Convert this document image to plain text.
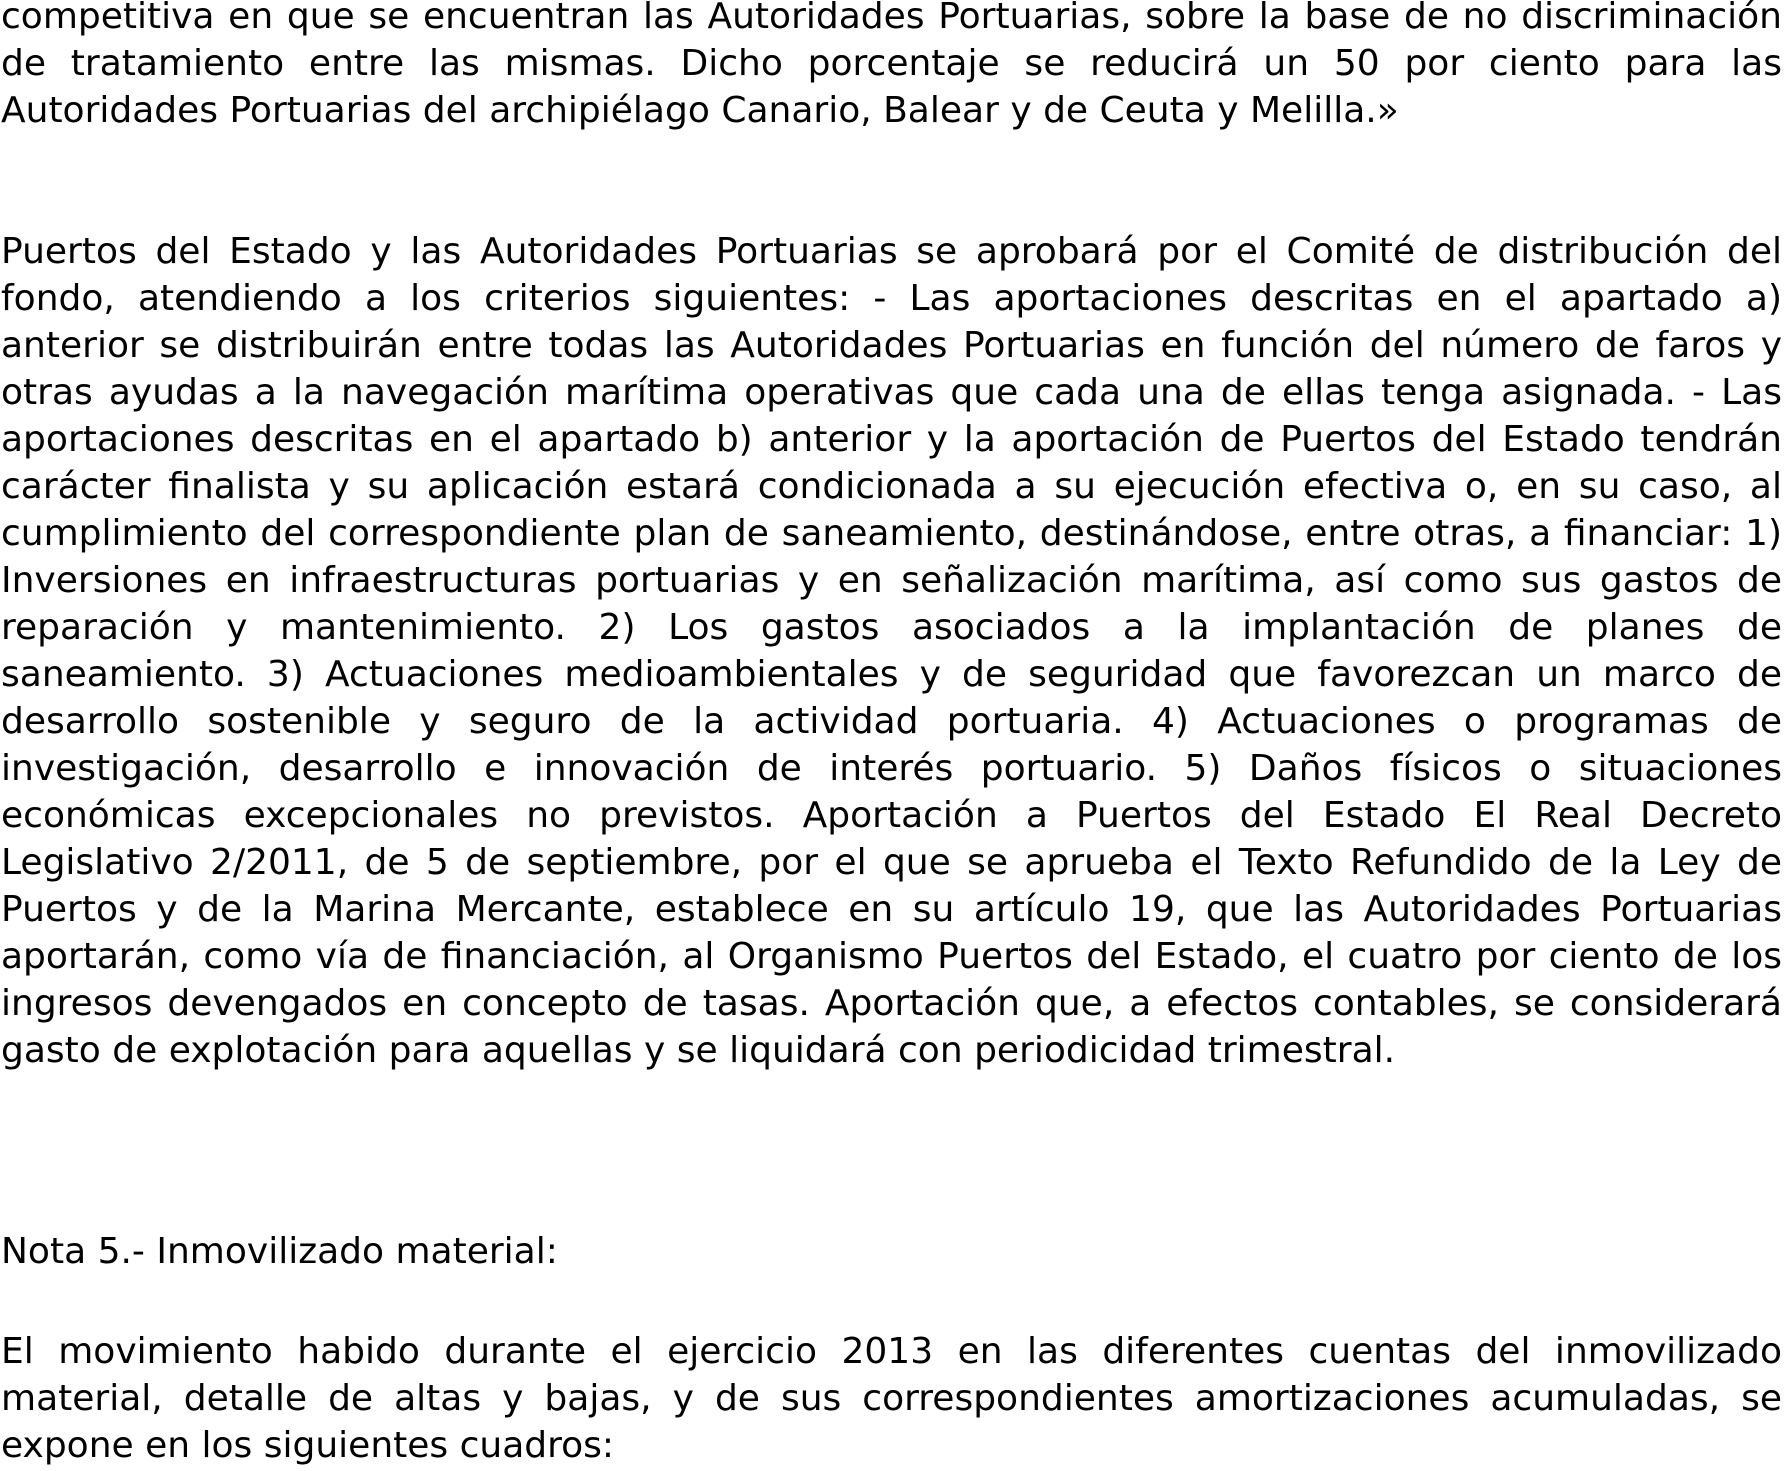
competitiva en que se encuentran las Autoridades Portuarias, sobre la base de no discriminación de tratamiento entre las mismas. Dicho porcentaje se reducirá un 50 por ciento para las Autoridades Portuarias del archipiélago Canario, Balear y de Ceuta y Melilla.»

Puertos del Estado y las Autoridades Portuarias se aprobará por el Comité de distribución del fondo, atendiendo a los criterios siguientes: - Las aportaciones descritas en el apartado a) anterior se distribuirán entre todas las Autoridades Portuarias en función del número de faros y otras ayudas a la navegación marítima operativas que cada una de ellas tenga asignada. - Las aportaciones descritas en el apartado b) anterior y la aportación de Puertos del Estado tendrán carácter finalista y su aplicación estará condicionada a su ejecución efectiva o, en su caso, al cumplimiento del correspondiente plan de saneamiento, destinándose, entre otras, a financiar: 1) Inversiones en infraestructuras portuarias y en señalización marítima, así como sus gastos de reparación y mantenimiento. 2) Los gastos asociados a la implantación de planes de saneamiento. 3) Actuaciones medioambientales y de seguridad que favorezcan un marco de desarrollo sostenible y seguro de la actividad portuaria. 4) Actuaciones o programas de investigación, desarrollo e innovación de interés portuario. 5) Daños físicos o situaciones económicas excepcionales no previstos. Aportación a Puertos del Estado El Real Decreto Legislativo 2/2011, de 5 de septiembre, por el que se aprueba el Texto Refundido de la Ley de Puertos y de la Marina Mercante, establece en su artículo 19, que las Autoridades Portuarias aportarán, como vía de financiación, al Organismo Puertos del Estado, el cuatro por ciento de los ingresos devengados en concepto de tasas. Aportación que, a efectos contables, se considerará gasto de explotación para aquellas y se liquidará con periodicidad trimestral.

Nota 5.- Inmovilizado material:

El movimiento habido durante el ejercicio 2013 en las diferentes cuentas del inmovilizado material, detalle de altas y bajas, y de sus correspondientes amortizaciones acumuladas, se expone en los siguientes cuadros:
